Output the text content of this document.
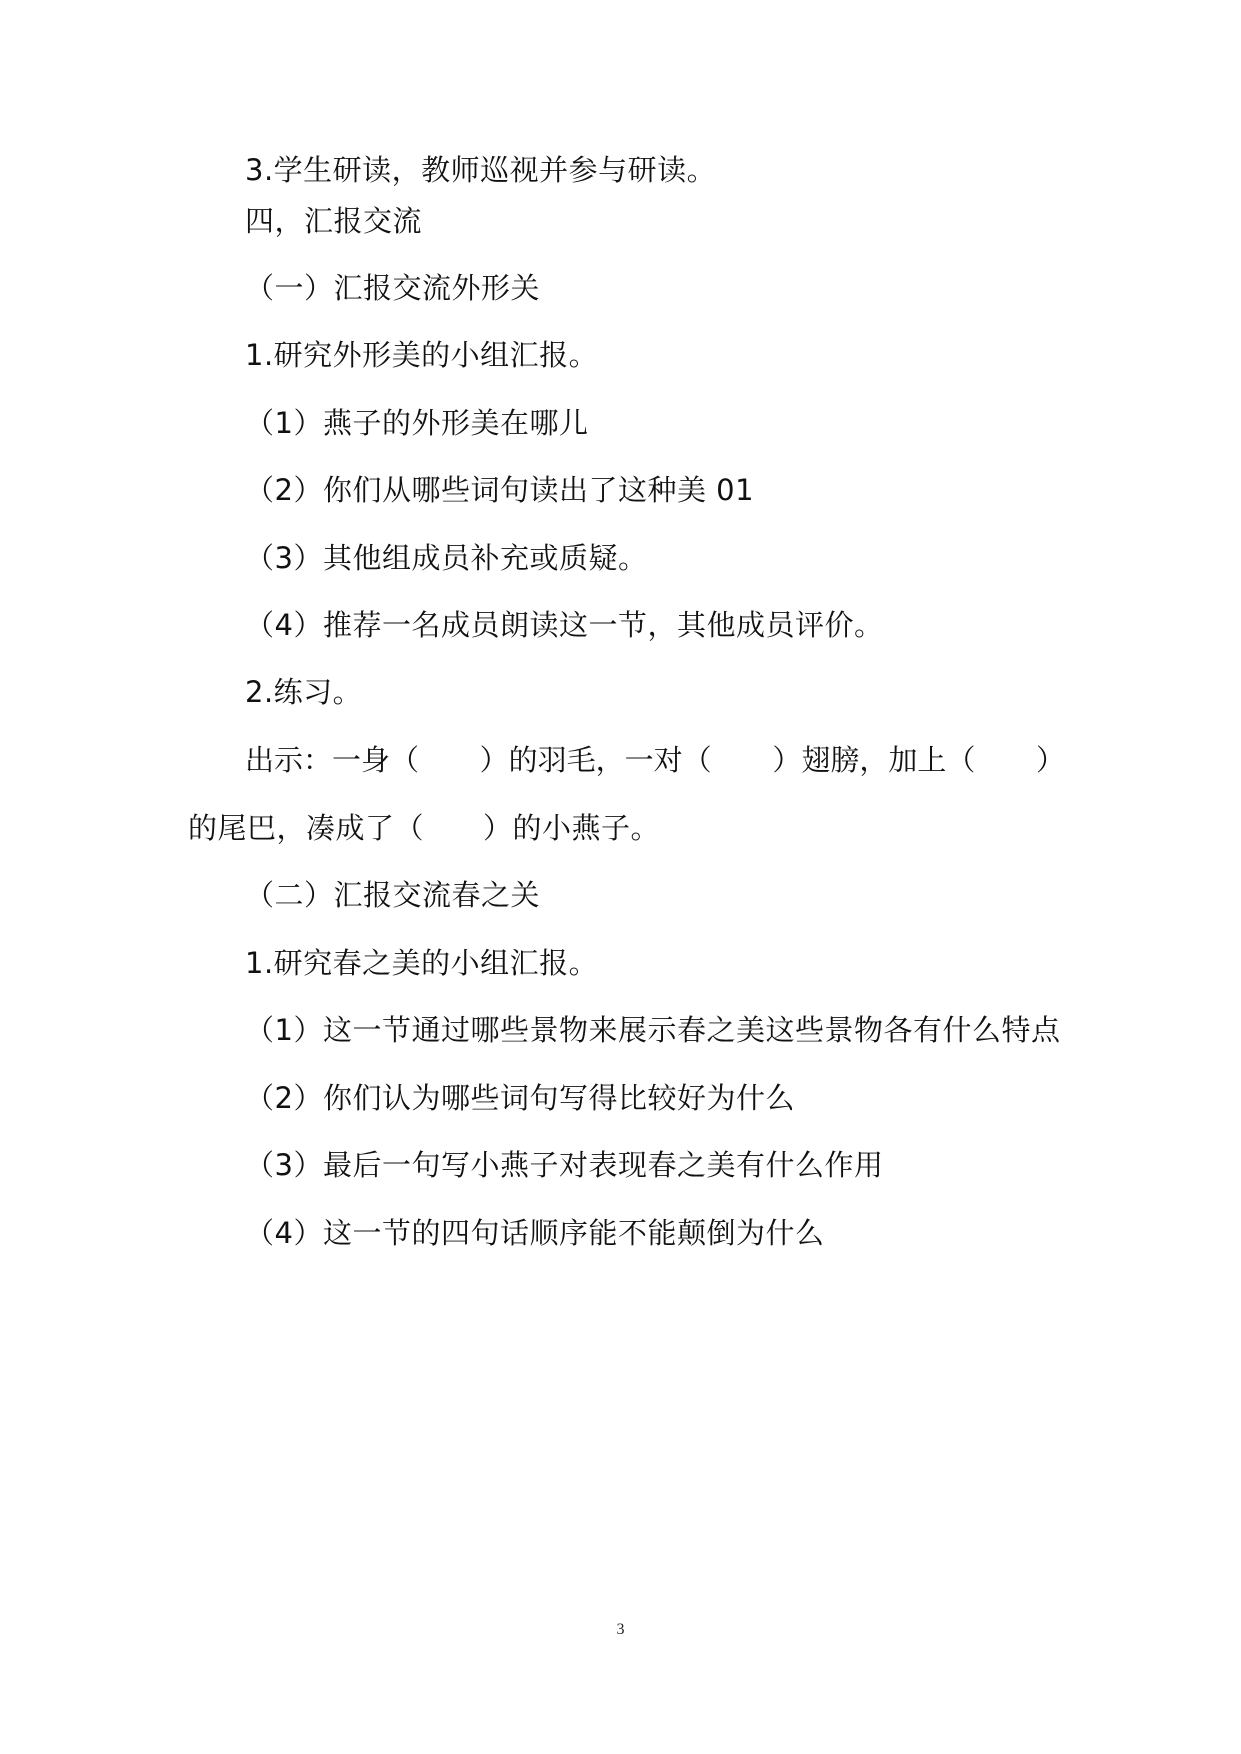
3.学生研读，教师巡视并参与研读。
四，汇报交流
（一）汇报交流外形关
1.研究外形美的小组汇报。
（1）燕子的外形美在哪儿
（2）你们从哪些词句读出了这种美 01
（3）其他组成员补充或质疑。
（4）推荐一名成员朗读这一节，其他成员评价。
2.练习。
出示：一身（ ）的羽毛，一对（ ）翅膀，加上（ ）
的尾巴，凑成了（　　）的小燕子。
（二）汇报交流春之关
1.研究春之美的小组汇报。
（1）这一节通过哪些景物来展示春之美这些景物各有什么特点
（2）你们认为哪些词句写得比较好为什么
（3）最后一句写小燕子对表现春之美有什么作用
（4）这一节的四句话顺序能不能颠倒为什么
3
